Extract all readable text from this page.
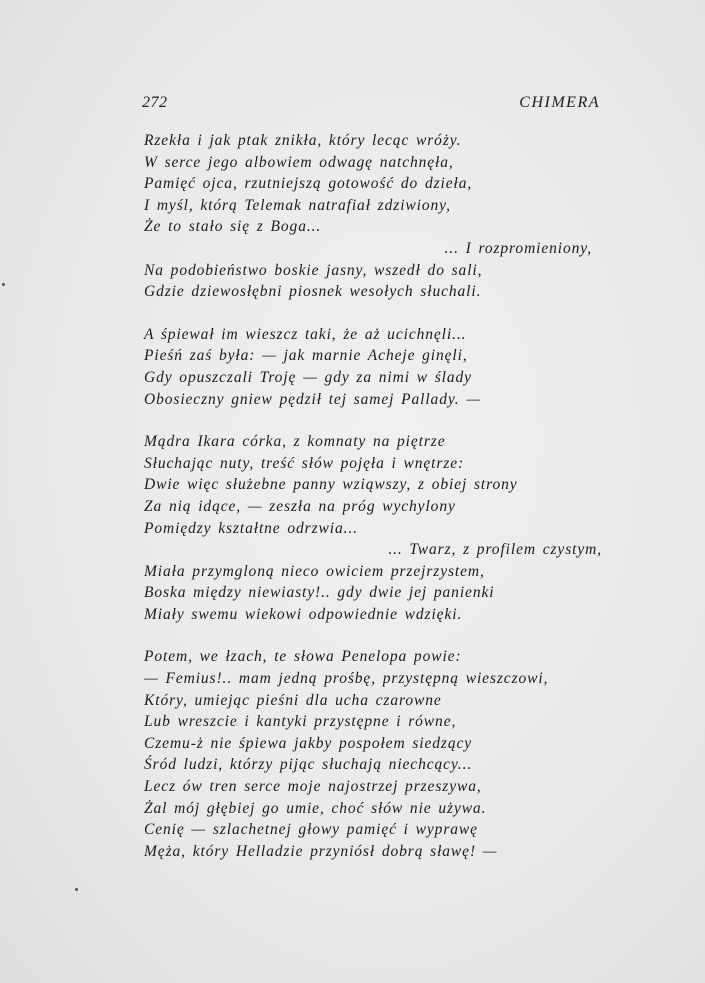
272	CHIMERA
Rzekła i jak ptak znikła, który lecąc wróży.
W serce jego albowiem odwagę natchnęła,
Pamięć ojca, rzutniejszą gotowość do dzieła,
I myśl, którą Telemak natrafiał zdziwiony,
Że to stało się z Boga...
... I rozpromieniony,
Na podobieństwo boskie jasny, wszedł do sali,
Gdzie dziewosłębni piosnek wesołych słuchali.
A śpiewał im wieszcz taki, że aż ucichnęli...
Pieśń zaś była: — jak marnie Acheje ginęli,
Gdy opuszczali Troję — gdy za nimi w ślady
Obosieczny gniew pędził tej samej Pallady. —
Mądra Ikara córka, z komnaty na piętrze
Słuchając nuty, treść słów pojęła i wnętrze:
Dwie więc służebne panny wziąwszy, z obiej strony
Za nią idące, — zeszła na próg wychylony
Pomiędzy kształtne odrzwia...
... Twarz, z profilem czystym,
Miała przymgloną nieco owiciem przejrzystem,
Boska między niewiasty!.. gdy dwie jej panienki
Miały swemu wiekowi odpowiednie wdzięki.
Potem, we łzach, te słowa Penelopa powie:
— Femius!.. mam jedną prośbę, przystępną wieszczowi,
Który, umiejąc pieśni dla ucha czarowne
Lub wreszcie i kantyki przystępne i równe,
Czemu-ż nie śpiewa jakby pospołem siedzący
Śród ludzi, którzy pijąc słuchają niechcący...
Lecz ów tren serce moje najostrzej przeszywa,
Żal mój głębiej go umie, choć słów nie używa.
Cenię — szlachetnej głowy pamięć i wyprawę
Męża, który Helladzie przyniósł dobrą sławę! —
